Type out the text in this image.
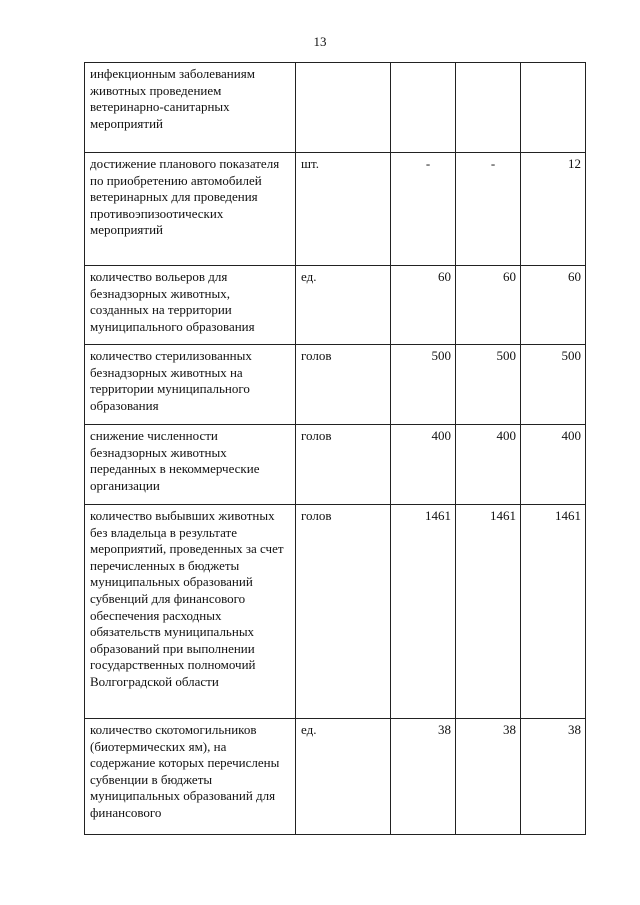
13
инфекционным заболеваниям животных проведением ветеринарно-санитарных мероприятий				
достижение планового показателя по приобретению автомобилей ветеринарных для проведения противоэпизоотических мероприятий	шт.	-	-	12
количество вольеров для безнадзорных животных, созданных на территории муниципального образования	ед.	60	60	60
количество стерилизованных безнадзорных животных на территории муниципального образования	голов	500	500	500
снижение численности безнадзорных животных переданных в некоммерческие организации	голов	400	400	400
количество выбывших животных без владельца в результате мероприятий, проведенных за счет перечисленных в бюджеты муниципальных образований субвенций для финансового обеспечения расходных обязательств муниципальных образований при выполнении государственных полномочий Волгоградской области	голов	1461	1461	1461
количество скотомогильников (биотермических ям), на содержание которых перечислены субвенции в бюджеты муниципальных образований для финансового	ед.	38	38	38
